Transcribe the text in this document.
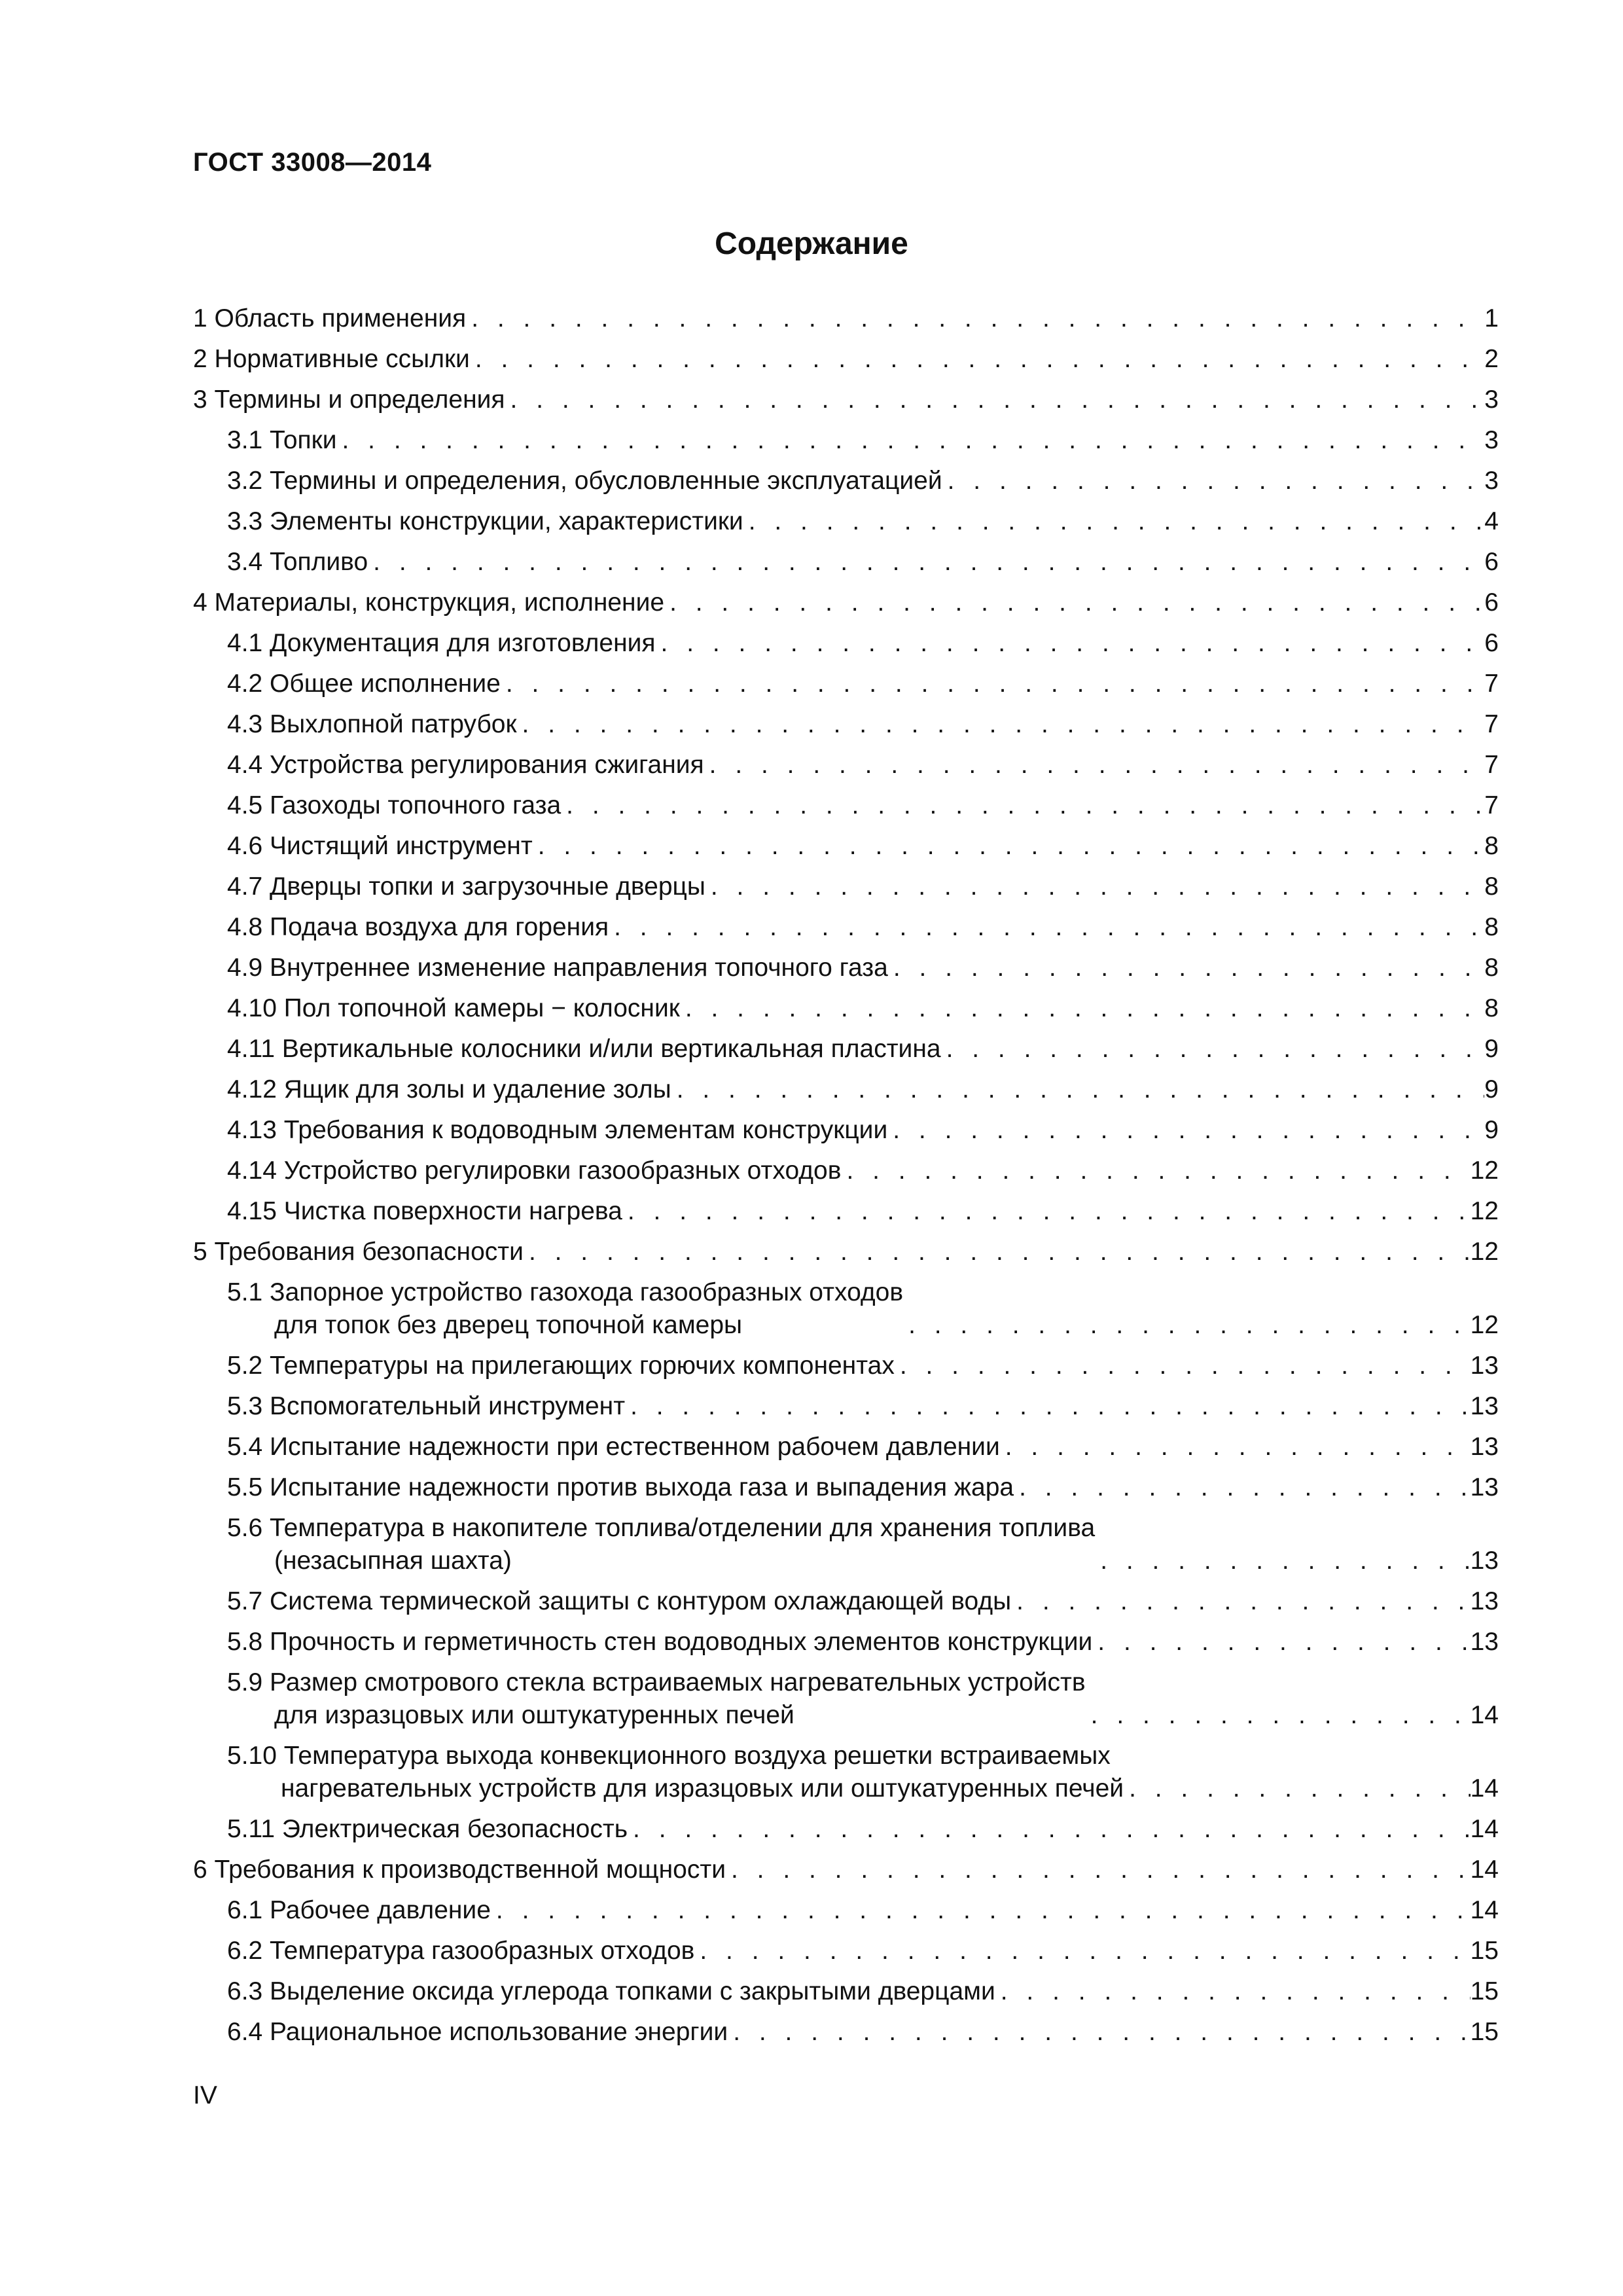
ГОСТ 33008—2014
Содержание
1 Область применения . . .	1
2 Нормативные ссылки . . .	2
3 Термины и определения . . .	3
3.1 Топки . . .	3
3.2 Термины и определения, обусловленные эксплуатацией . . .	3
3.3 Элементы конструкции, характеристики . . .	4
3.4 Топливо . . .	6
4 Материалы, конструкция, исполнение . . .	6
4.1 Документация для изготовления . . .	6
4.2 Общее исполнение . . .	7
4.3 Выхлопной патрубок . . .	7
4.4 Устройства регулирования сжигания . . .	7
4.5 Газоходы топочного газа . . .	7
4.6 Чистящий инструмент . . .	8
4.7 Дверцы топки и загрузочные дверцы . . .	8
4.8 Подача воздуха для горения . . .	8
4.9 Внутреннее изменение направления топочного газа . . .	8
4.10 Пол топочной камеры − колосник . . .	8
4.11 Вертикальные колосники и/или вертикальная пластина . . .	9
4.12 Ящик для золы и удаление золы . . .	9
4.13 Требования к водоводным элементам конструкции . . .	9
4.14 Устройство регулировки газообразных отходов . . .	12
4.15 Чистка поверхности нагрева . . .	12
5 Требования безопасности . . .	12
5.1 Запорное устройство газохода газообразных отходов
для топок без дверец топочной камеры . . .	12
5.2 Температуры на прилегающих горючих компонентах . . .	13
5.3 Вспомогательный инструмент . . .	13
5.4 Испытание надежности при естественном рабочем давлении . . .	13
5.5 Испытание надежности против выхода газа и выпадения жара . . .	13
5.6 Температура в накопителе топлива/отделении для хранения топлива
(незасыпная шахта) . . .	13
5.7 Система термической защиты с контуром охлаждающей воды . . .	13
5.8 Прочность и герметичность стен водоводных элементов конструкции . . .	13
5.9 Размер смотрового стекла встраиваемых нагревательных устройств
для изразцовых или оштукатуренных печей . . .	14
5.10 Температура выхода конвекционного воздуха решетки встраиваемых
нагревательных устройств для изразцовых или оштукатуренных печей . . .	14
5.11 Электрическая безопасность . . .	14
6 Требования к производственной мощности . . .	14
6.1 Рабочее давление . . .	14
6.2 Температура газообразных отходов . . .	15
6.3 Выделение оксида углерода топками с закрытыми дверцами . . .	15
6.4 Рациональное использование энергии . . .	15
IV
